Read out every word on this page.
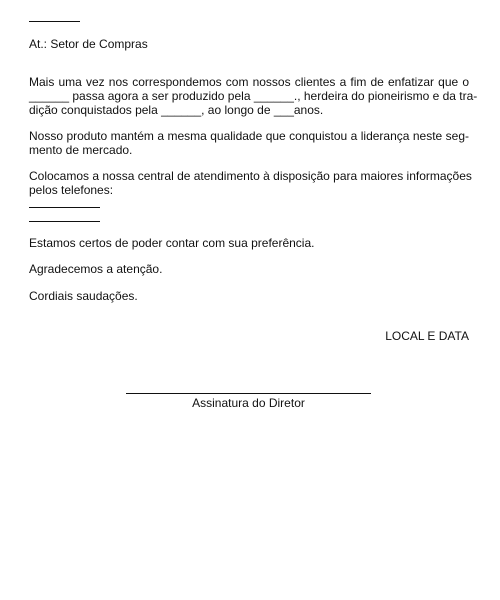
At.: Setor de Compras
Mais uma vez nos correspondemos com nossos clientes a fim de enfatizar que o
______ passa agora a ser produzido pela ______., herdeira do pioneirismo e da tra-
dição conquistados pela ______, ao longo de ___anos.
Nosso produto mantém a mesma qualidade que conquistou a liderança neste seg-
mento de mercado.
Colocamos a nossa central de atendimento à disposição para maiores informações
pelos telefones:
Estamos certos de poder contar com sua preferência.
Agradecemos a atenção.
Cordiais saudações.
LOCAL E DATA
Assinatura do Diretor
